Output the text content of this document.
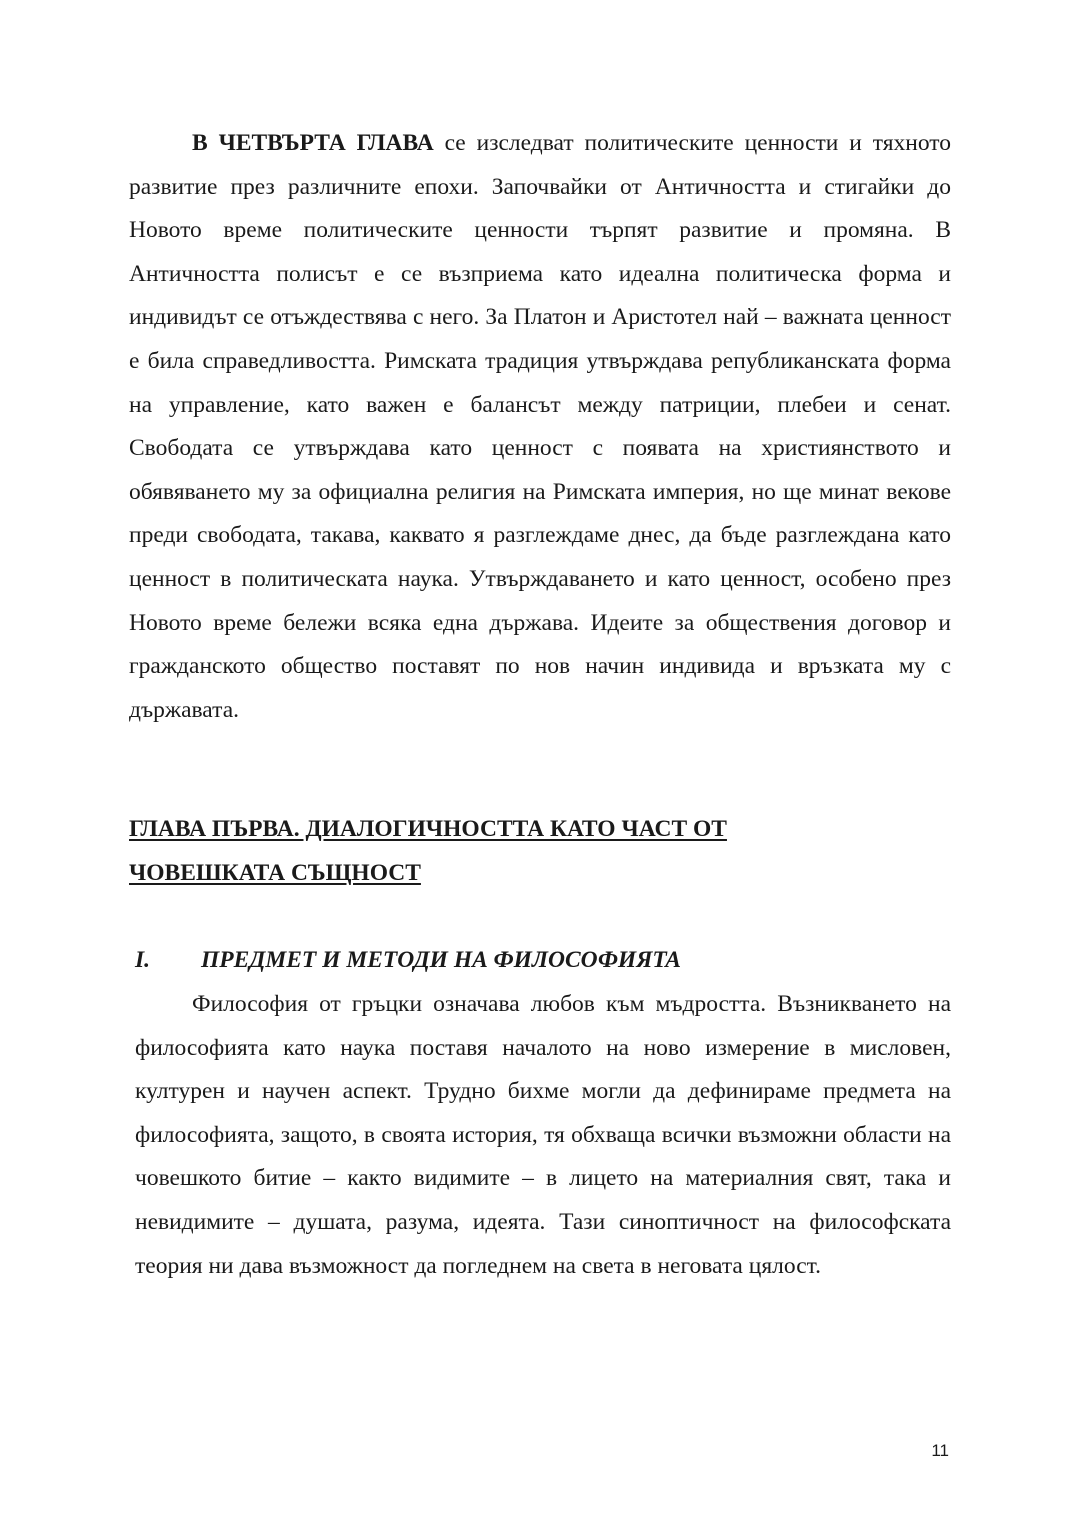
В ЧЕТВЪРТА ГЛАВА се изследват политическите ценности и тяхното развитие през различните епохи. Започвайки от Античността и стигайки до Новото време политическите ценности търпят развитие и промяна. В Античността полисът е се възприема като идеална политическа форма и индивидът се отъждествява с него. За Платон и Аристотел най – важната ценност е била справедливостта. Римската традиция утвърждава републиканската форма на управление, като важен е балансът между патриции, плебеи и сенат. Свободата се утвърждава като ценност с появата на християнството и обявяването му за официална религия на Римската империя, но ще минат векове преди свободата, такава, каквато я разглеждаме днес, да бъде разглеждана като ценност в политическата наука. Утвърждаването и като ценност, особено през Новото време бележи всяка една държава. Идеите за обществения договор и гражданското общество поставят по нов начин индивида и връзката му с държавата.

ГЛАВА ПЪРВА. ДИАЛОГИЧНОСТТА КАТО ЧАСТ ОТ
ЧОВЕШКАТА СЪЩНОСТ
I. ПРЕДМЕТ И МЕТОДИ НА ФИЛОСОФИЯТА

Философия от гръцки означава любов към мъдростта. Възникването на философията като наука поставя началото на ново измерение в мисловен, културен и научен аспект. Трудно бихме могли да дефинираме предмета на философията, защото, в своята история, тя обхваща всички възможни области на човешкото битие – както видимите – в лицето на материалния свят, така и невидимите – душата, разума, идеята. Тази синоптичност на философската теория ни дава възможност да погледнем на света в неговата цялост.

11
